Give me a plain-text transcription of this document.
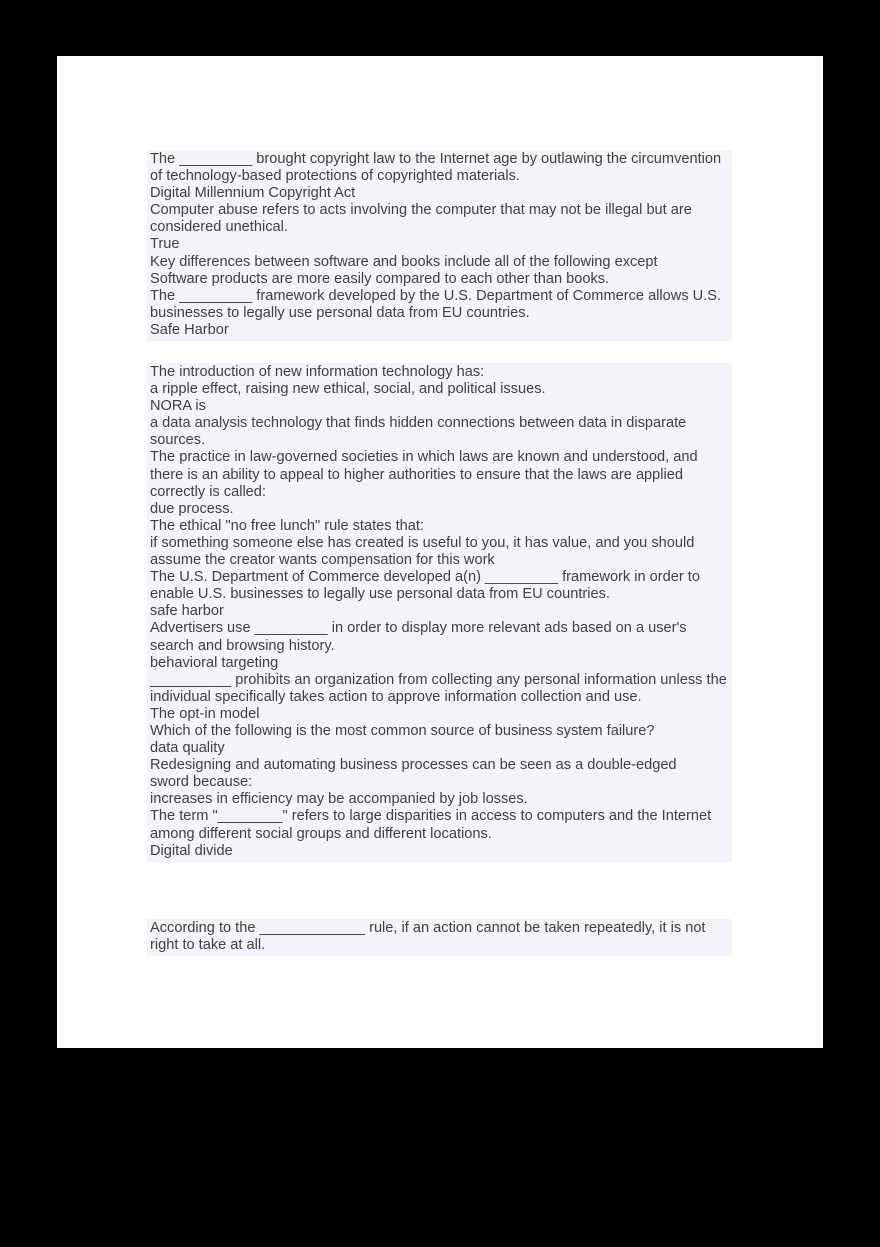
The _________ brought copyright law to the Internet age by outlawing the circumvention
of technology-based protections of copyrighted materials.
Digital Millennium Copyright Act
Computer abuse refers to acts involving the computer that may not be illegal but are
considered unethical.
True
Key differences between software and books include all of the following except
Software products are more easily compared to each other than books.
The _________ framework developed by the U.S. Department of Commerce allows U.S.
businesses to legally use personal data from EU countries.
Safe Harbor
The introduction of new information technology has:
a ripple effect, raising new ethical, social, and political issues.
NORA is
a data analysis technology that finds hidden connections between data in disparate
sources.
The practice in law-governed societies in which laws are known and understood, and
there is an ability to appeal to higher authorities to ensure that the laws are applied
correctly is called:
due process.
The ethical "no free lunch" rule states that:
if something someone else has created is useful to you, it has value, and you should
assume the creator wants compensation for this work
The U.S. Department of Commerce developed a(n) _________ framework in order to
enable U.S. businesses to legally use personal data from EU countries.
safe harbor
Advertisers use _________ in order to display more relevant ads based on a user's
search and browsing history.
behavioral targeting
__________ prohibits an organization from collecting any personal information unless the
individual specifically takes action to approve information collection and use.
The opt-in model
Which of the following is the most common source of business system failure?
data quality
Redesigning and automating business processes can be seen as a double-edged
sword because:
increases in efficiency may be accompanied by job losses.
The term "________" refers to large disparities in access to computers and the Internet
among different social groups and different locations.
Digital divide
According to the _____________ rule, if an action cannot be taken repeatedly, it is not
right to take at all.
